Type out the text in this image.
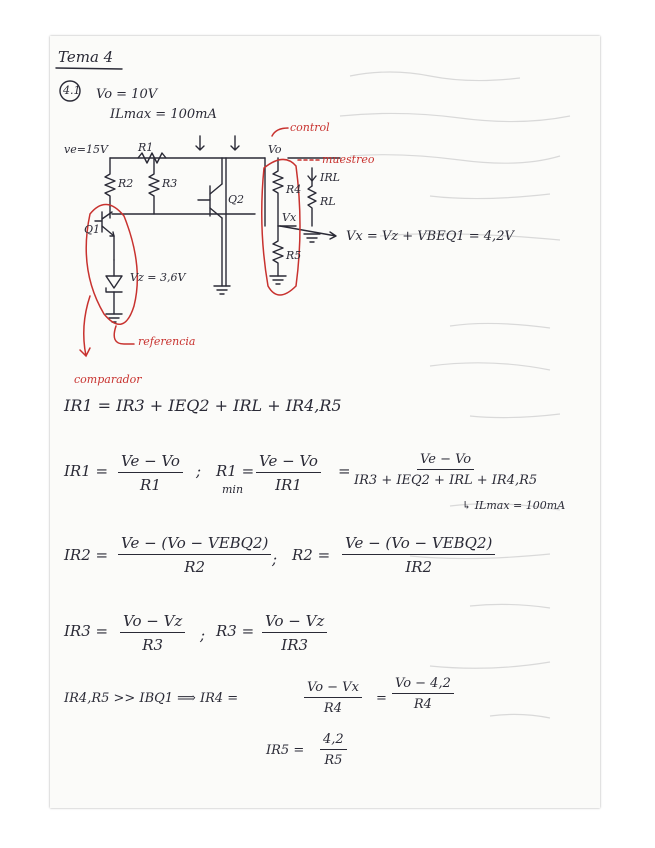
Tema 4
4.1 Vo = 10V
ILmax = 100mA
ve=15V	R1
R2	R3
Q1
Q2
Vo
R4
R5
RL
IRL
Vx
Vz = 3,6V
Vx = Vz + VBEQ1 = 4,2V
control
muestreo
referencia
comparador
IR1 = IR3 + IEQ2 + IRL + IR4,R5
$IR1 = \frac{Ve - Vo}{R1}$ ; R1 =
$\min \frac{Ve - Vo}{IR1}$ =
Ve − Vo
IR3 + IEQ2 + IRL + IR4,R5
↳ ILmax = 100mA
IR2 =
Ve − (Vo − VEBQ2)
R2	; R2 =
Ve − (Vo − VEBQ2)
IR2
$IR3 = \frac{Vo - Vz}{R3}$ ; $R3 = \frac{Vo - Vz}{IR3}$
IR4,R5 >> IBQ1 ⟹ IR4 =	$\frac{Vo - Vx}{R4} = \frac{Vo - 4,2}{R4}$
$IR5 = \frac{4,2}{R5}$
